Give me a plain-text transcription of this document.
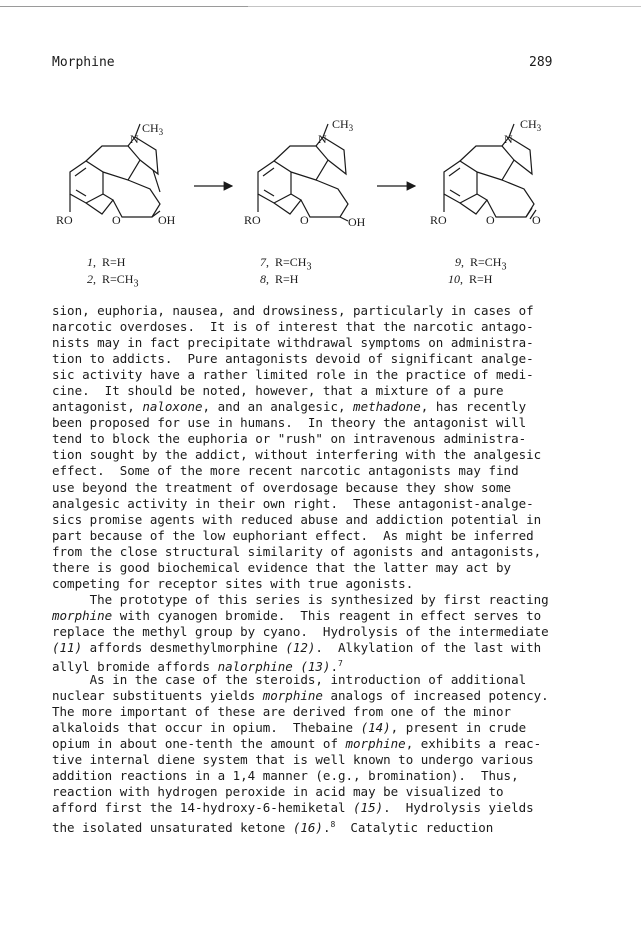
Morphine	289
$CH_3$
N
RO	O	OH
$CH_3$
N
RO	O	OH
$CH_3$
N
RO	O	O
1, R=H
2, $R=CH_3$
7, $R=CH_3$
8, R=H
9, $R=CH_3$
10, R=H
sion, euphoria, nausea, and drowsiness, particularly in cases of
narcotic overdoses.  It is of interest that the narcotic antago-
nists may in fact precipitate withdrawal symptoms on administra-
tion to addicts.  Pure antagonists devoid of significant analge-
sic activity have a rather limited role in the practice of medi-
cine.  It should be noted, however, that a mixture of a pure
antagonist, naloxone, and an analgesic, methadone, has recently
been proposed for use in humans.  In theory the antagonist will
tend to block the euphoria or "rush" on intravenous administra-
tion sought by the addict, without interfering with the analgesic
effect.  Some of the more recent narcotic antagonists may find
use beyond the treatment of overdosage because they show some
analgesic activity in their own right.  These antagonist-analge-
sics promise agents with reduced abuse and addiction potential in
part because of the low euphoriant effect.  As might be inferred
from the close structural similarity of agonists and antagonists,
there is good biochemical evidence that the latter may act by
competing for receptor sites with true agonists.
The prototype of this series is synthesized by first reacting
morphine with cyanogen bromide.  This reagent in effect serves to
replace the methyl group by cyano.  Hydrolysis of the intermediate
(11) affords desmethylmorphine (12).  Alkylation of the last with
allyl bromide affords nalorphine (13).$^7$
As in the case of the steroids, introduction of additional
nuclear substituents yields morphine analogs of increased potency.
The more important of these are derived from one of the minor
alkaloids that occur in opium.  Thebaine (14), present in crude
opium in about one-tenth the amount of morphine, exhibits a reac-
tive internal diene system that is well known to undergo various
addition reactions in a 1,4 manner (e.g., bromination).  Thus,
reaction with hydrogen peroxide in acid may be visualized to
afford first the 14-hydroxy-6-hemiketal (15).  Hydrolysis yields
the isolated unsaturated ketone (16).$^8$  Catalytic reduction
